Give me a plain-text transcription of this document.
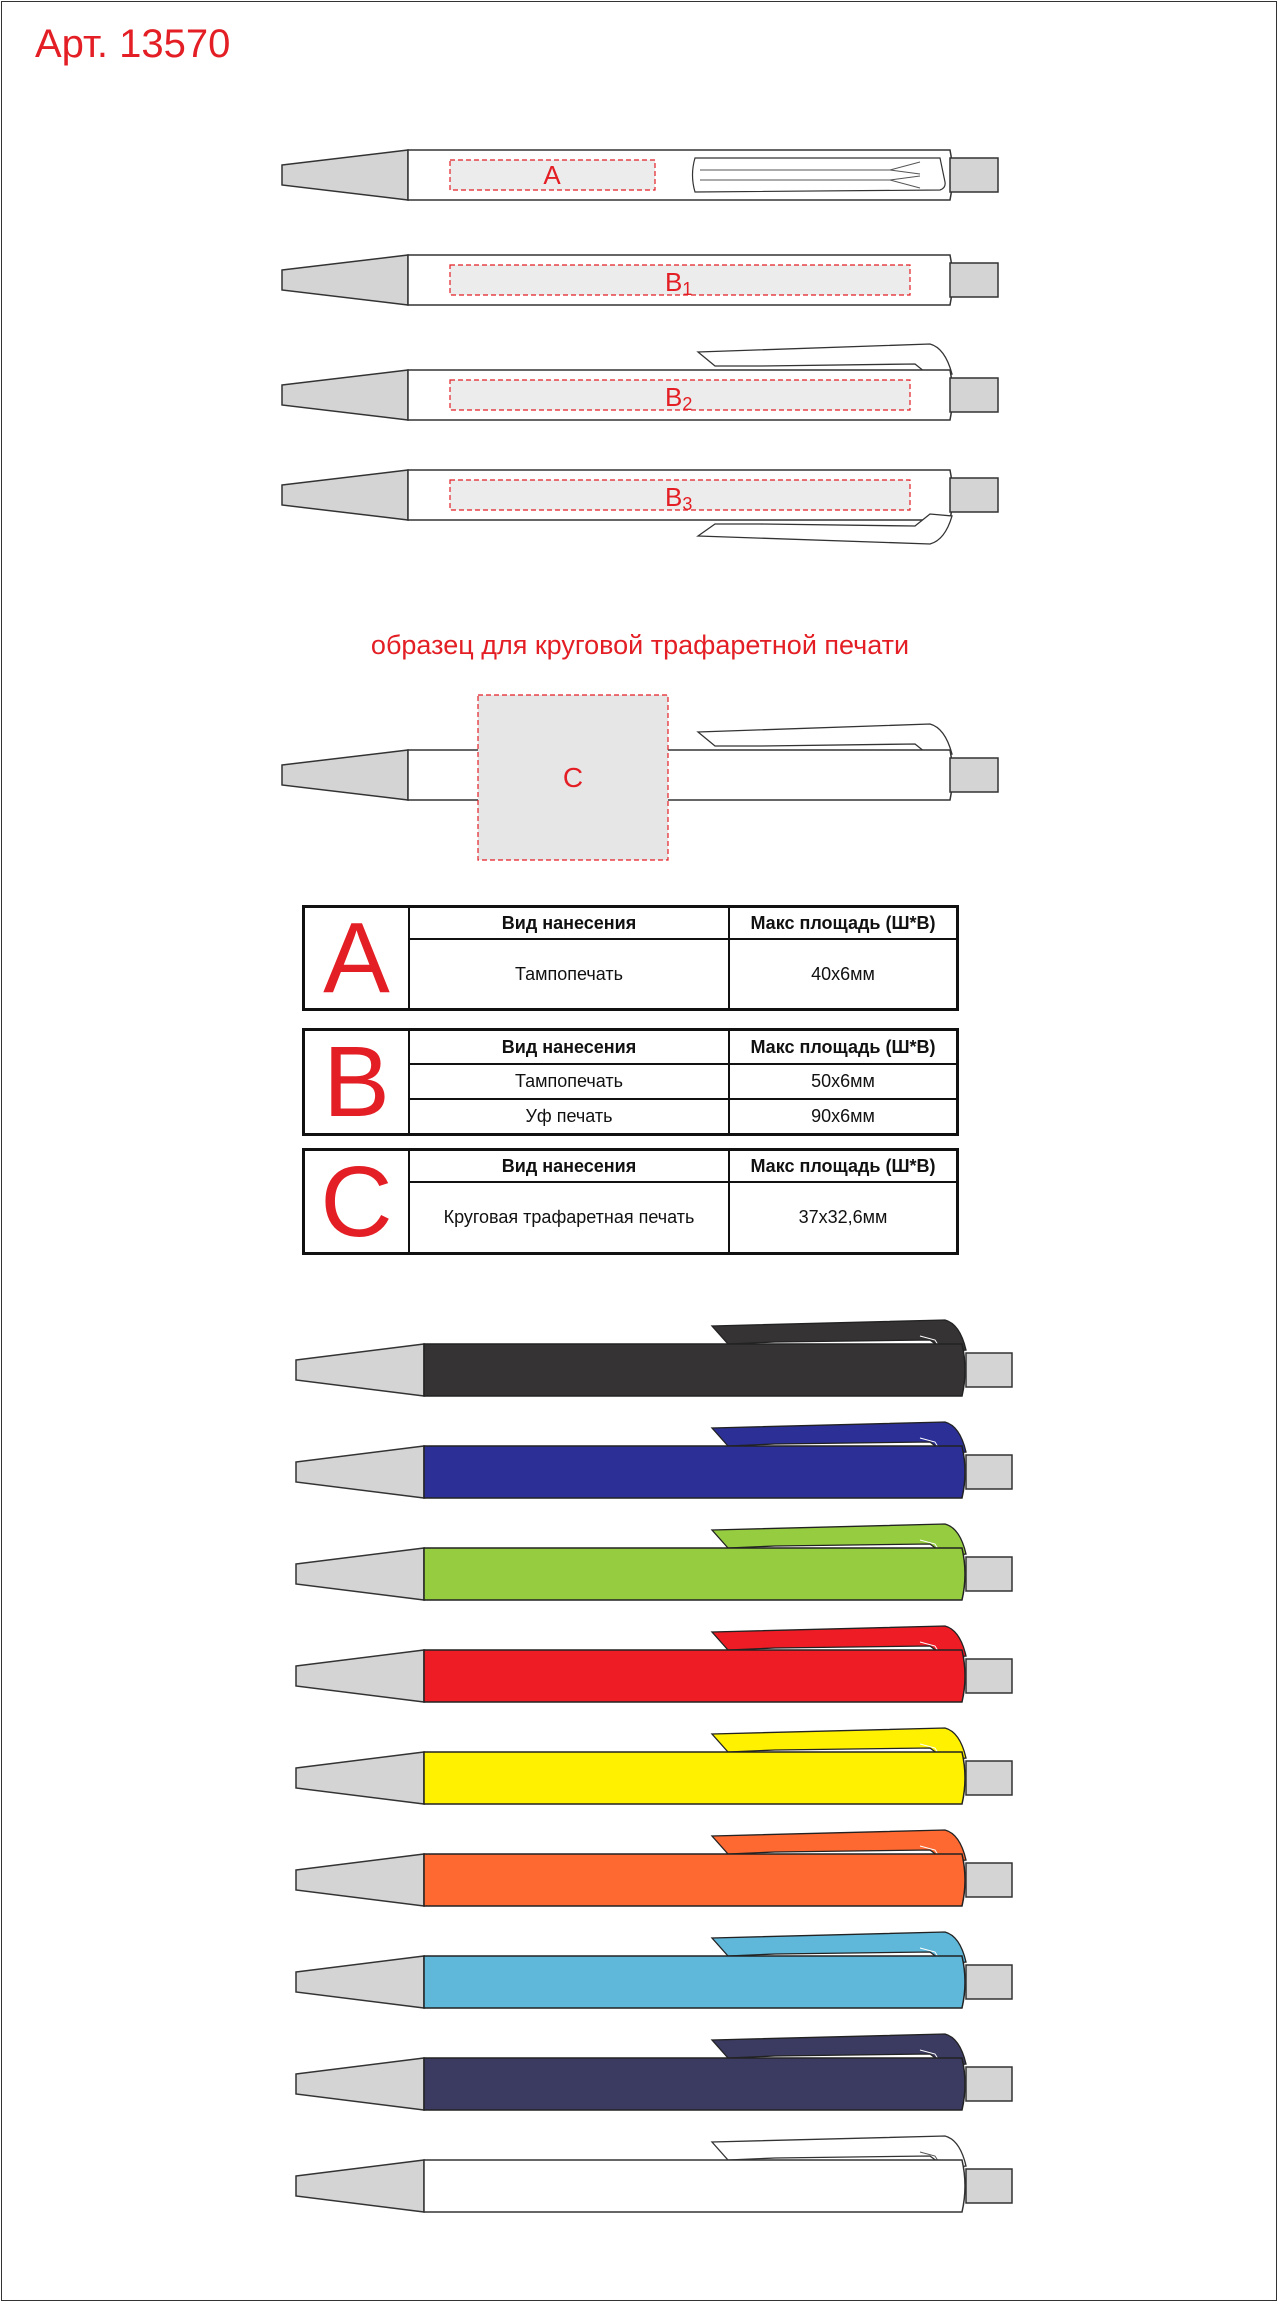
Арт. 13570
A
B1
B2
B3
образец для круговой трафаретной печати
C
A	Вид нанесения	Макс площадь (Ш*В)
Тампопечать	40х6мм
B	Вид нанесения	Макс площадь (Ш*В)
Тампопечать	50х6мм
Уф печать	90х6мм
C	Вид нанесения	Макс площадь (Ш*В)
Круговая трафаретная печать	37х32,6мм
